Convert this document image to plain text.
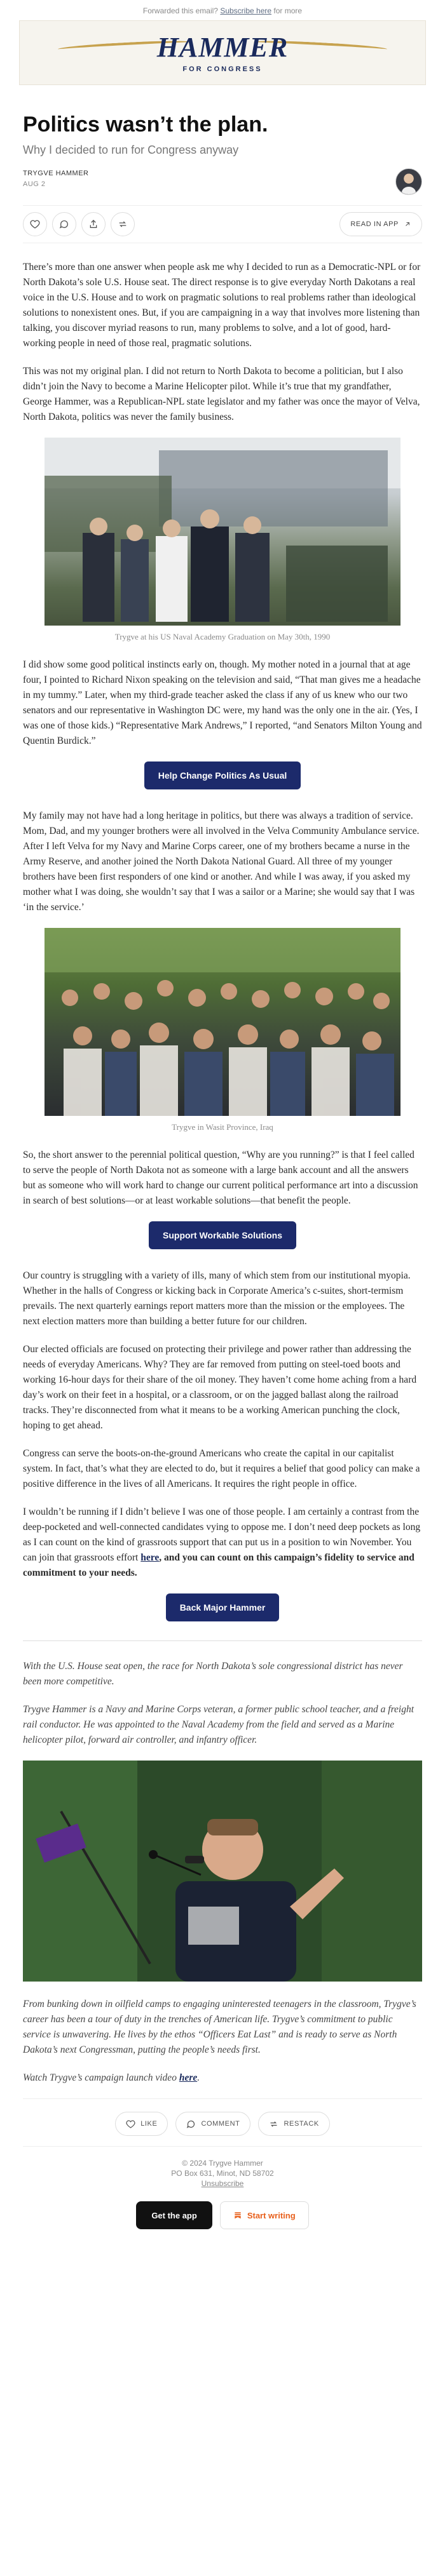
Forwarded this email? Subscribe here for more
HAMMER
FOR CONGRESS
Politics wasn’t the plan.
Why I decided to run for Congress anyway
TRYGVE HAMMER
AUG 2
READ IN APP

There’s more than one answer when people ask me why I decided to run as a Democratic-NPL or for North Dakota’s sole U.S. House seat. The direct response is to give everyday North Dakotans a real voice in the U.S. House and to work on pragmatic solutions to real problems rather than ideological solutions to nonexistent ones. But, if you are campaigning in a way that involves more listening than talking, you discover myriad reasons to run, many problems to solve, and a lot of good, hard-working people in need of those real, pragmatic solutions.

This was not my original plan. I did not return to North Dakota to become a politician, but I also didn’t join the Navy to become a Marine Helicopter pilot. While it’s true that my grandfather, George Hammer, was a Republican-NPL state legislator and my father was once the mayor of Velva, North Dakota, politics was never the family business.

Trygve at his US Naval Academy Graduation on May 30th, 1990

I did show some good political instincts early on, though. My mother noted in a journal that at age four, I pointed to Richard Nixon speaking on the television and said, “That man gives me a headache in my tummy.” Later, when my third-grade teacher asked the class if any of us knew who our two senators and our representative in Washington DC were, my hand was the only one in the air. (Yes, I was one of those kids.) “Representative Mark Andrews,” I reported, “and Senators Milton Young and Quentin Burdick.”

Help Change Politics As Usual

My family may not have had a long heritage in politics, but there was always a tradition of service. Mom, Dad, and my younger brothers were all involved in the Velva Community Ambulance service. After I left Velva for my Navy and Marine Corps career, one of my brothers became a nurse in the Army Reserve, and another joined the North Dakota National Guard. All three of my younger brothers have been first responders of one kind or another. And while I was away, if you asked my mother what I was doing, she wouldn’t say that I was a sailor or a Marine; she would say that I was ‘in the service.’

Trygve in Wasit Province, Iraq

So, the short answer to the perennial political question, “Why are you running?” is that I feel called to serve the people of North Dakota not as someone with a large bank account and all the answers but as someone who will work hard to change our current political performance art into a discussion in search of best solutions—or at least workable solutions—that benefit the people.

Support Workable Solutions

Our country is struggling with a variety of ills, many of which stem from our institutional myopia. Whether in the halls of Congress or kicking back in Corporate America’s c-suites, short-termism prevails. The next quarterly earnings report matters more than the mission or the employees. The next election matters more than building a better future for our children.

Our elected officials are focused on protecting their privilege and power rather than addressing the needs of everyday Americans. Why? They are far removed from putting on steel-toed boots and working 16-hour days for their share of the oil money. They haven’t come home aching from a hard day’s work on their feet in a hospital, or a classroom, or on the jagged ballast along the railroad tracks. They’re disconnected from what it means to be a working American punching the clock, hoping to get ahead.

Congress can serve the boots-on-the-ground Americans who create the capital in our capitalist system. In fact, that’s what they are elected to do, but it requires a belief that good policy can make a positive difference in the lives of all Americans. It requires the right people in office.

I wouldn’t be running if I didn’t believe I was one of those people. I am certainly a contrast from the deep-pocketed and well-connected candidates vying to oppose me. I don’t need deep pockets as long as I can count on the kind of grassroots support that can put us in a position to win November. You can join that grassroots effort here, and you can count on this campaign’s fidelity to service and commitment to your needs.

Back Major Hammer

With the U.S. House seat open, the race for North Dakota’s sole congressional district has never been more competitive.

Trygve Hammer is a Navy and Marine Corps veteran, a former public school teacher, and a freight rail conductor. He was appointed to the Naval Academy from the field and served as a Marine helicopter pilot, forward air controller, and infantry officer.

From bunking down in oilfield camps to engaging uninterested teenagers in the classroom, Trygve’s career has been a tour of duty in the trenches of American life. Trygve’s commitment to public service is unwavering. He lives by the ethos “Officers Eat Last” and is ready to serve as North Dakota’s next Congressman, putting the people’s needs first.

Watch Trygve’s campaign launch video here.

LIKE	COMMENT	RESTACK
© 2024 Trygve Hammer
PO Box 631, Minot, ND 58702
Unsubscribe
Get the app	Start writing
